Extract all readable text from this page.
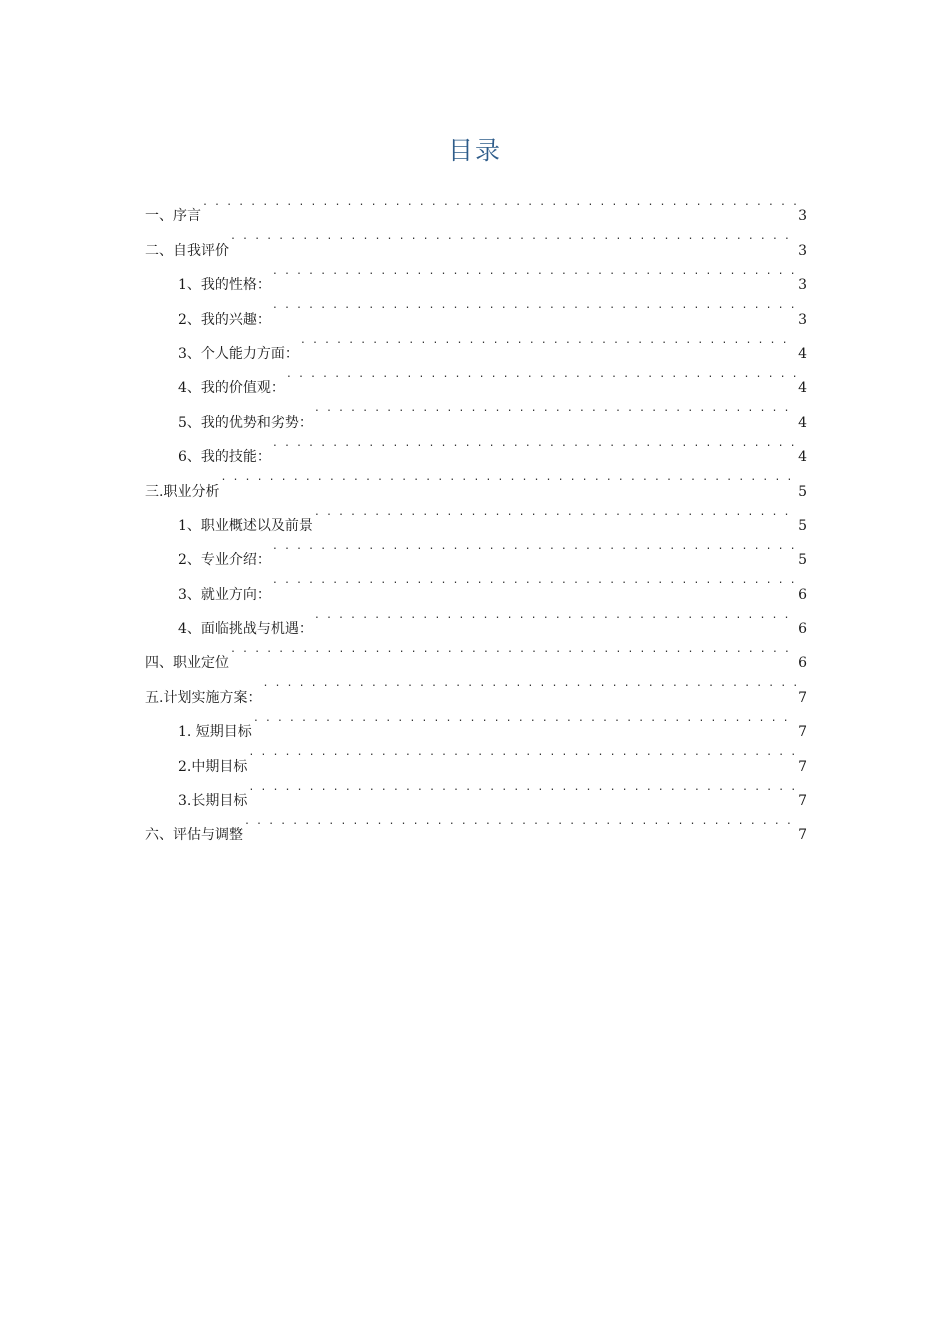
目录
一、序言 . . .	3
二、自我评价 . . .	3
1、我的性格： . . .	3
2、我的兴趣： . . .	3
3、个人能力方面： . . .	4
4、我的价值观： . . .	4
5、我的优势和劣势： . . .	4
6、我的技能： . . .	4
三.职业分析 . . .	5
1、职业概述以及前景 . . .	5
2、专业介绍： . . .	5
3、就业方向： . . .	6
4、面临挑战与机遇： . . .	6
四、职业定位 . . .	6
五.计划实施方案： . . .	7
1. 短期目标 . . .	7
2.中期目标 . . .	7
3.长期目标 . . .	7
六、评估与调整 . . .	7
